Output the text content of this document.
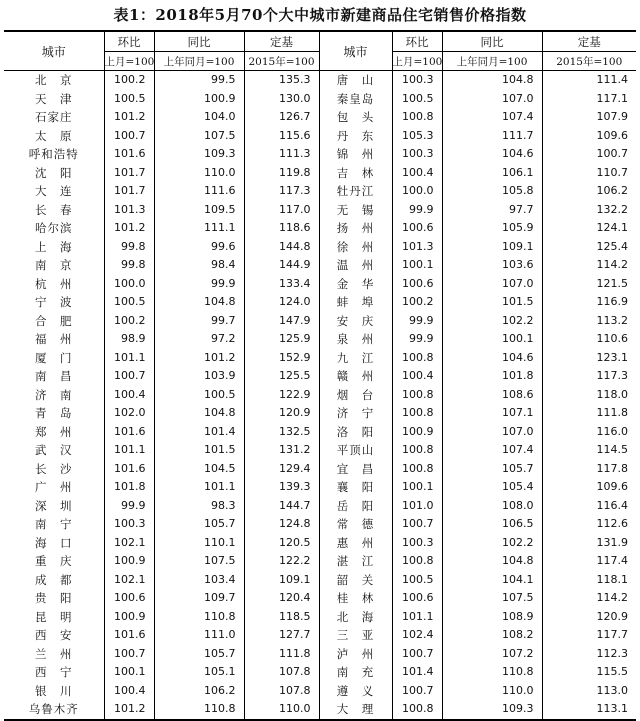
表1：2018年5月70个大中城市新建商品住宅销售价格指数
城市	环比	同比	定基	城市	环比	同比	定基
	上月=100	上年同月=100	2015年=100		上月=100	上年同月=100	2015年=100
北　京	100.2	99.5	135.3	唐　山	100.3	104.8	111.4
天　津	100.5	100.9	130.0	秦皇岛	100.5	107.0	117.1
石家庄	101.2	104.0	126.7	包　头	100.8	107.4	107.9
太　原	100.7	107.5	115.6	丹　东	105.3	111.7	109.6
呼和浩特	101.6	109.3	111.3	锦　州	100.3	104.6	100.7
沈　阳	101.7	110.0	119.8	吉　林	100.4	106.1	110.7
大　连	101.7	111.6	117.3	牡丹江	100.0	105.8	106.2
长　春	101.3	109.5	117.0	无　锡	99.9	97.7	132.2
哈尔滨	101.2	111.1	118.6	扬　州	100.6	105.9	124.1
上　海	99.8	99.6	144.8	徐　州	101.3	109.1	125.4
南　京	99.8	98.4	144.9	温　州	100.1	103.6	114.2
杭　州	100.0	99.9	133.4	金　华	100.6	107.0	121.5
宁　波	100.5	104.8	124.0	蚌　埠	100.2	101.5	116.9
合　肥	100.2	99.7	147.9	安　庆	99.9	102.2	113.2
福　州	98.9	97.2	125.9	泉　州	99.9	100.1	110.6
厦　门	101.1	101.2	152.9	九　江	100.8	104.6	123.1
南　昌	100.7	103.9	125.5	赣　州	100.4	101.8	117.3
济　南	100.4	100.5	122.9	烟　台	100.8	108.6	118.0
青　岛	102.0	104.8	120.9	济　宁	100.8	107.1	111.8
郑　州	101.6	101.4	132.5	洛　阳	100.9	107.0	116.0
武　汉	101.1	101.5	131.2	平顶山	100.8	107.4	114.5
长　沙	101.6	104.5	129.4	宜　昌	100.8	105.7	117.8
广　州	101.8	101.1	139.3	襄　阳	100.1	105.4	109.6
深　圳	99.9	98.3	144.7	岳　阳	101.0	108.0	116.4
南　宁	100.3	105.7	124.8	常　德	100.7	106.5	112.6
海　口	102.1	110.1	120.5	惠　州	100.3	102.2	131.9
重　庆	100.9	107.5	122.2	湛　江	100.8	104.8	117.4
成　都	102.1	103.4	109.1	韶　关	100.5	104.1	118.1
贵　阳	100.6	109.7	120.4	桂　林	100.6	107.5	114.2
昆　明	100.9	110.8	118.5	北　海	101.1	108.9	120.9
西　安	101.6	111.0	127.7	三　亚	102.4	108.2	117.7
兰　州	100.7	105.7	111.8	泸　州	100.7	107.2	112.3
西　宁	100.1	105.1	107.8	南　充	101.4	110.8	115.5
银　川	100.4	106.2	107.8	遵　义	100.7	110.0	113.0
乌鲁木齐	101.2	110.8	110.0	大　理	100.8	109.3	113.1
